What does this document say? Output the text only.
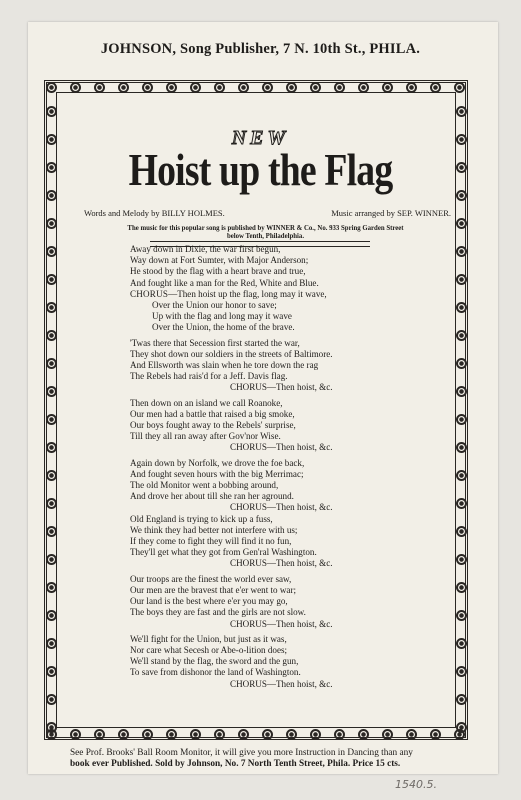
JOHNSON, Song Publisher, 7 N. 10th St., PHILA.
NEW
Hoist up the Flag
Words and Melody by BILLY HOLMES.	Music arranged by SEP. WINNER.
The music for this popular song is published by WINNER & Co., No. 933 Spring Garden Street
below Tenth, Philadelphia.
Away down in Dixie, the war first begun,
Way down at Fort Sumter, with Major Anderson;
He stood by the flag with a heart brave and true,
And fought like a man for the Red, White and Blue.
CHORUS—Then hoist up the flag, long may it wave,
Over the Union our honor to save;
Up with the flag and long may it wave
Over the Union, the home of the brave.
'Twas there that Secession first started the war,
They shot down our soldiers in the streets of Baltimore.
And Ellsworth was slain when he tore down the rag
The Rebels had rais'd for a Jeff. Davis flag.
CHORUS—Then hoist, &c.
Then down on an island we call Roanoke,
Our men had a battle that raised a big smoke,
Our boys fought away to the Rebels' surprise,
Till they all ran away after Gov'nor Wise.
CHORUS—Then hoist, &c.
Again down by Norfolk, we drove the foe back,
And fought seven hours with the big Merrimac;
The old Monitor went a bobbing around,
And drove her about till she ran her aground.
CHORUS—Then hoist, &c.
Old England is trying to kick up a fuss,
We think they had better not interfere with us;
If they come to fight they will find it no fun,
They'll get what they got from Gen'ral Washington.
CHORUS—Then hoist, &c.
Our troops are the finest the world ever saw,
Our men are the bravest that e'er went to war;
Our land is the best where e'er you may go,
The boys they are fast and the girls are not slow.
CHORUS—Then hoist, &c.
We'll fight for the Union, but just as it was,
Nor care what Secesh or Abe-o-lition does;
We'll stand by the flag, the sword and the gun,
To save from dishonor the land of Washington.
CHORUS—Then hoist, &c.
See Prof. Brooks' Ball Room Monitor, it will give you more Instruction in Dancing than any
book ever Published. Sold by Johnson, No. 7 North Tenth Street, Phila. Price 15 cts.
1540.5.
